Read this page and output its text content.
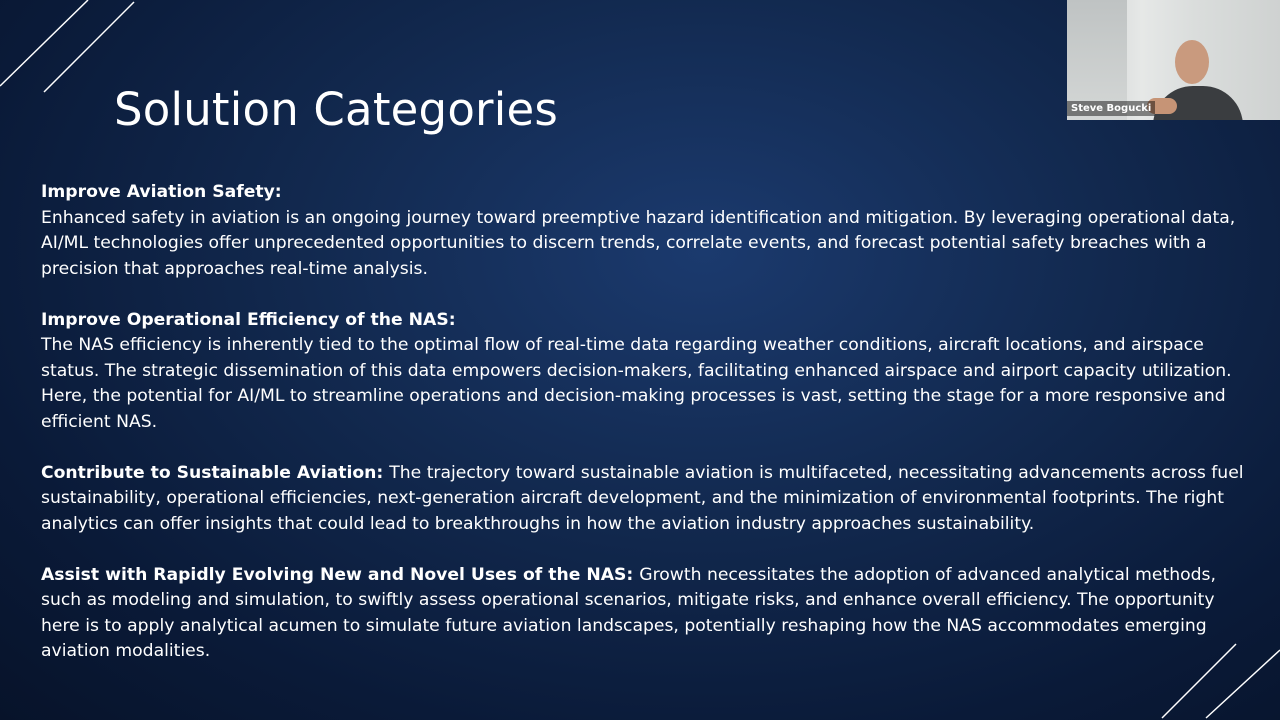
Solution Categories

Improve Aviation Safety:
Enhanced safety in aviation is an ongoing journey toward preemptive hazard identification and mitigation. By leveraging operational data, AI/ML technologies offer unprecedented opportunities to discern trends, correlate events, and forecast potential safety breaches with a precision that approaches real-time analysis.

Improve Operational Efficiency of the NAS:
The NAS efficiency is inherently tied to the optimal flow of real-time data regarding weather conditions, aircraft locations, and airspace status. The strategic dissemination of this data empowers decision-makers, facilitating enhanced airspace and airport capacity utilization. Here, the potential for AI/ML to streamline operations and decision-making processes is vast, setting the stage for a more responsive and efficient NAS.

Contribute to Sustainable Aviation: The trajectory toward sustainable aviation is multifaceted, necessitating advancements across fuel sustainability, operational efficiencies, next-generation aircraft development, and the minimization of environmental footprints. The right analytics can offer insights that could lead to breakthroughs in how the aviation industry approaches sustainability.

Assist with Rapidly Evolving New and Novel Uses of the NAS: Growth necessitates the adoption of advanced analytical methods, such as modeling and simulation, to swiftly assess operational scenarios, mitigate risks, and enhance overall efficiency. The opportunity here is to apply analytical acumen to simulate future aviation landscapes, potentially reshaping how the NAS accommodates emerging aviation modalities.

Steve Bogucki
